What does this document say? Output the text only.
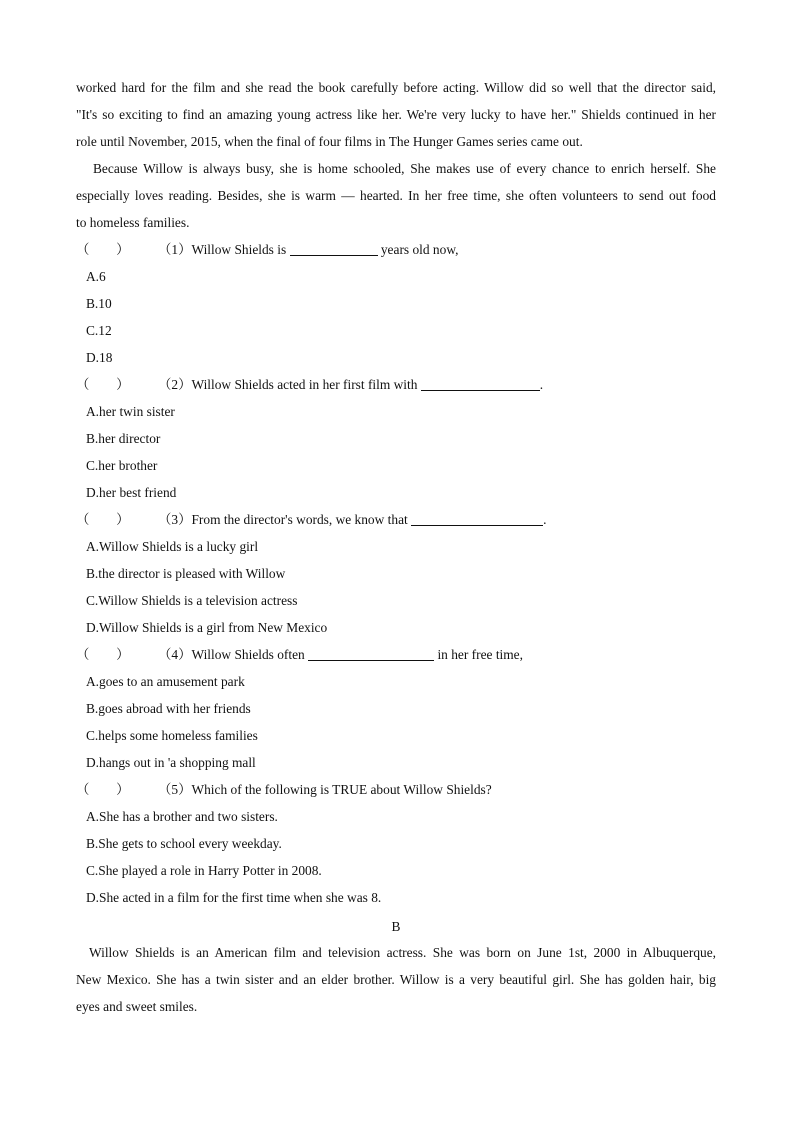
worked hard for the film and she read the book carefully before acting. Willow did so well that the director said,
"It's so exciting to find an amazing young actress like her. We're very lucky to have her." Shields continued in her
role until November, 2015, when the final of four films in The Hunger Games series came out.
Because Willow is always busy, she is home schooled, She makes use of every chance to enrich herself. She
especially loves reading. Besides, she is warm — hearted. In her free time, she often volunteers to send out food
to homeless families.
（　　） （1）Willow Shields is	years old now,
A.6
B.10
C.12
D.18
（　　） （2）Willow Shields acted in her first film with	.
A.her twin sister
B.her director
C.her brother
D.her best friend
（　　） （3）From the director's words, we know that	.
A.Willow Shields is a lucky girl
B.the director is pleased with Willow
C.Willow Shields is a television actress
D.Willow Shields is a girl from New Mexico
（　　） （4）Willow Shields often	in her free time,
A.goes to an amusement park
B.goes abroad with her friends
C.helps some homeless families
D.hangs out in 'a shopping mall
（　　） （5）Which of the following is TRUE about Willow Shields?
A.She has a brother and two sisters.
B.She gets to school every weekday.
C.She played a role in Harry Potter in 2008.
D.She acted in a film for the first time when she was 8.
B
Willow Shields is an American film and television actress. She was born on June 1st, 2000 in Albuquerque,
New Mexico. She has a twin sister and an elder brother. Willow is a very beautiful girl. She has golden hair, big
eyes and sweet smiles.
